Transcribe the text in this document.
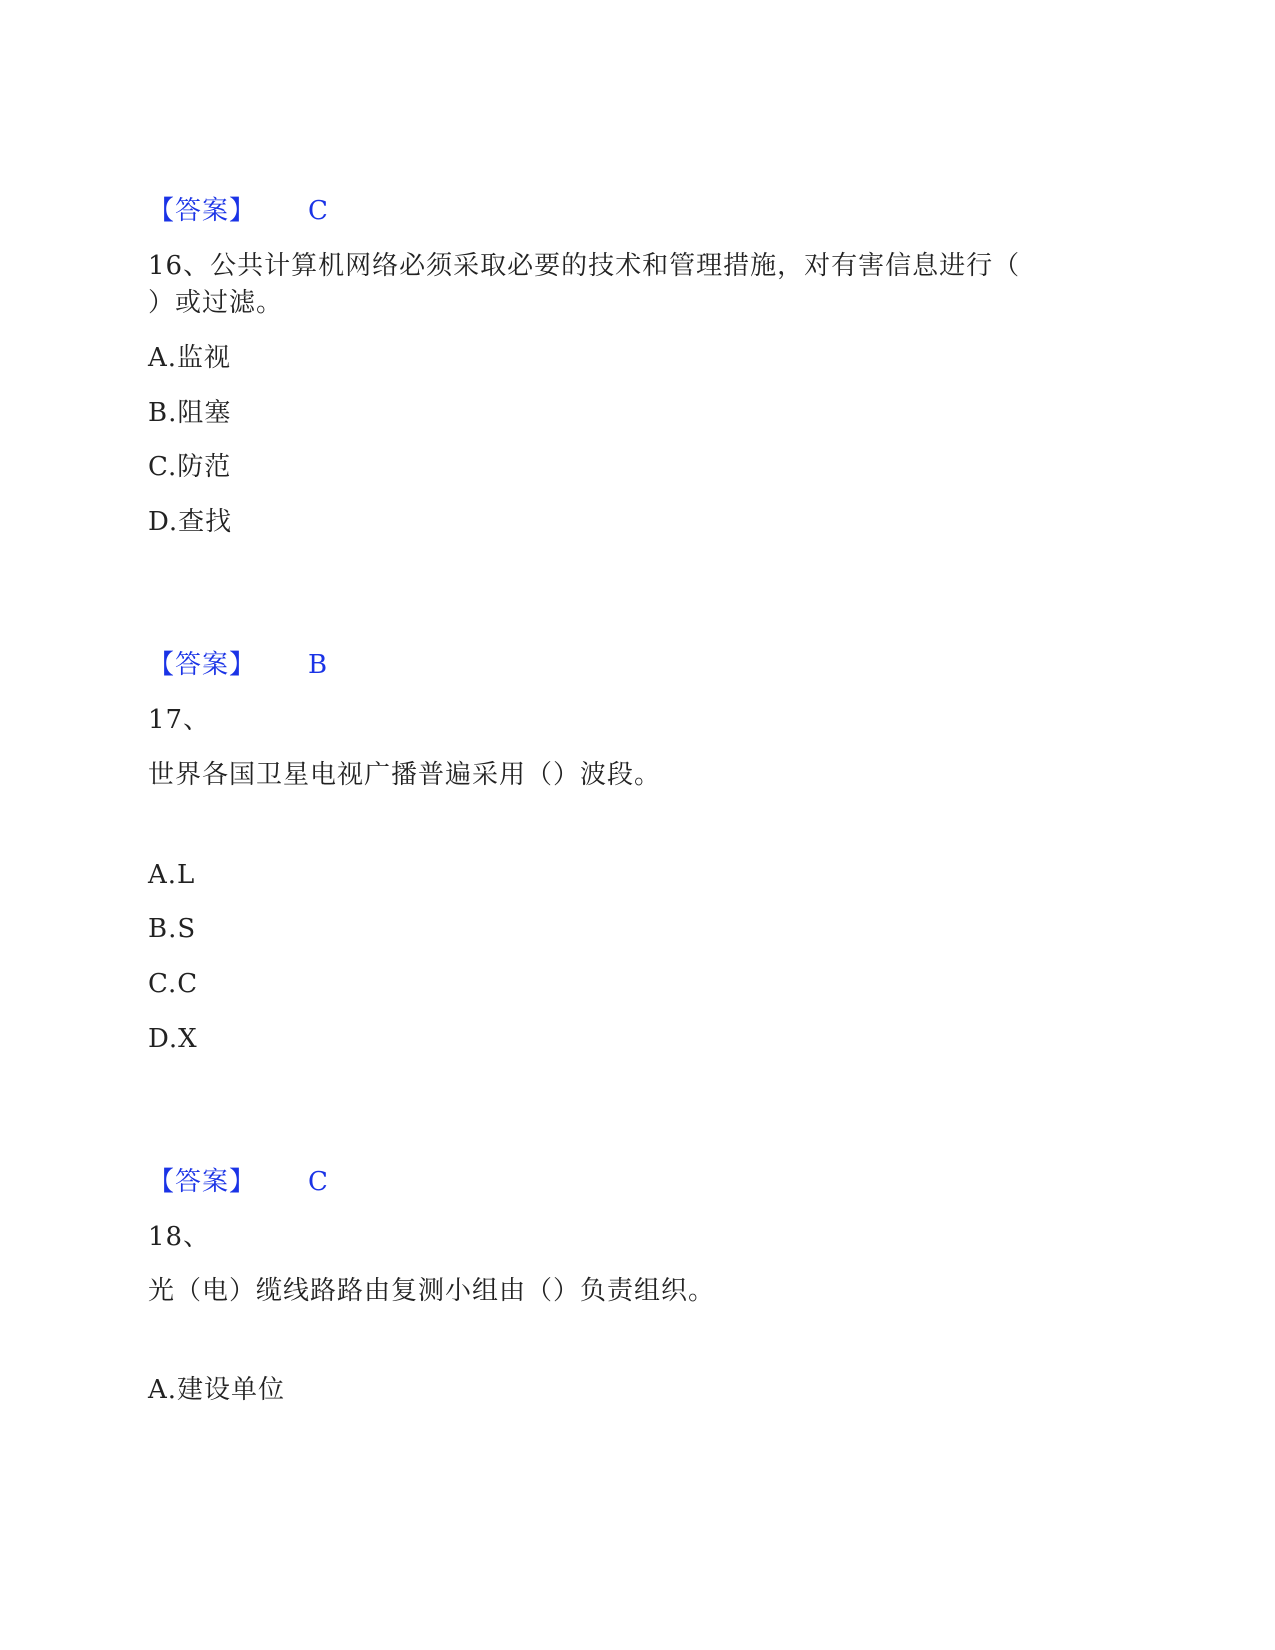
【答案】 C
16、公共计算机网络必须采取必要的技术和管理措施，对有害信息进行（
）或过滤。
A.监视
B.阻塞
C.防范
D.查找
【答案】 B
17、
世界各国卫星电视广播普遍采用（）波段。
A.L
B.S
C.C
D.X
【答案】 C
18、
光（电）缆线路路由复测小组由（）负责组织。
A.建设单位
